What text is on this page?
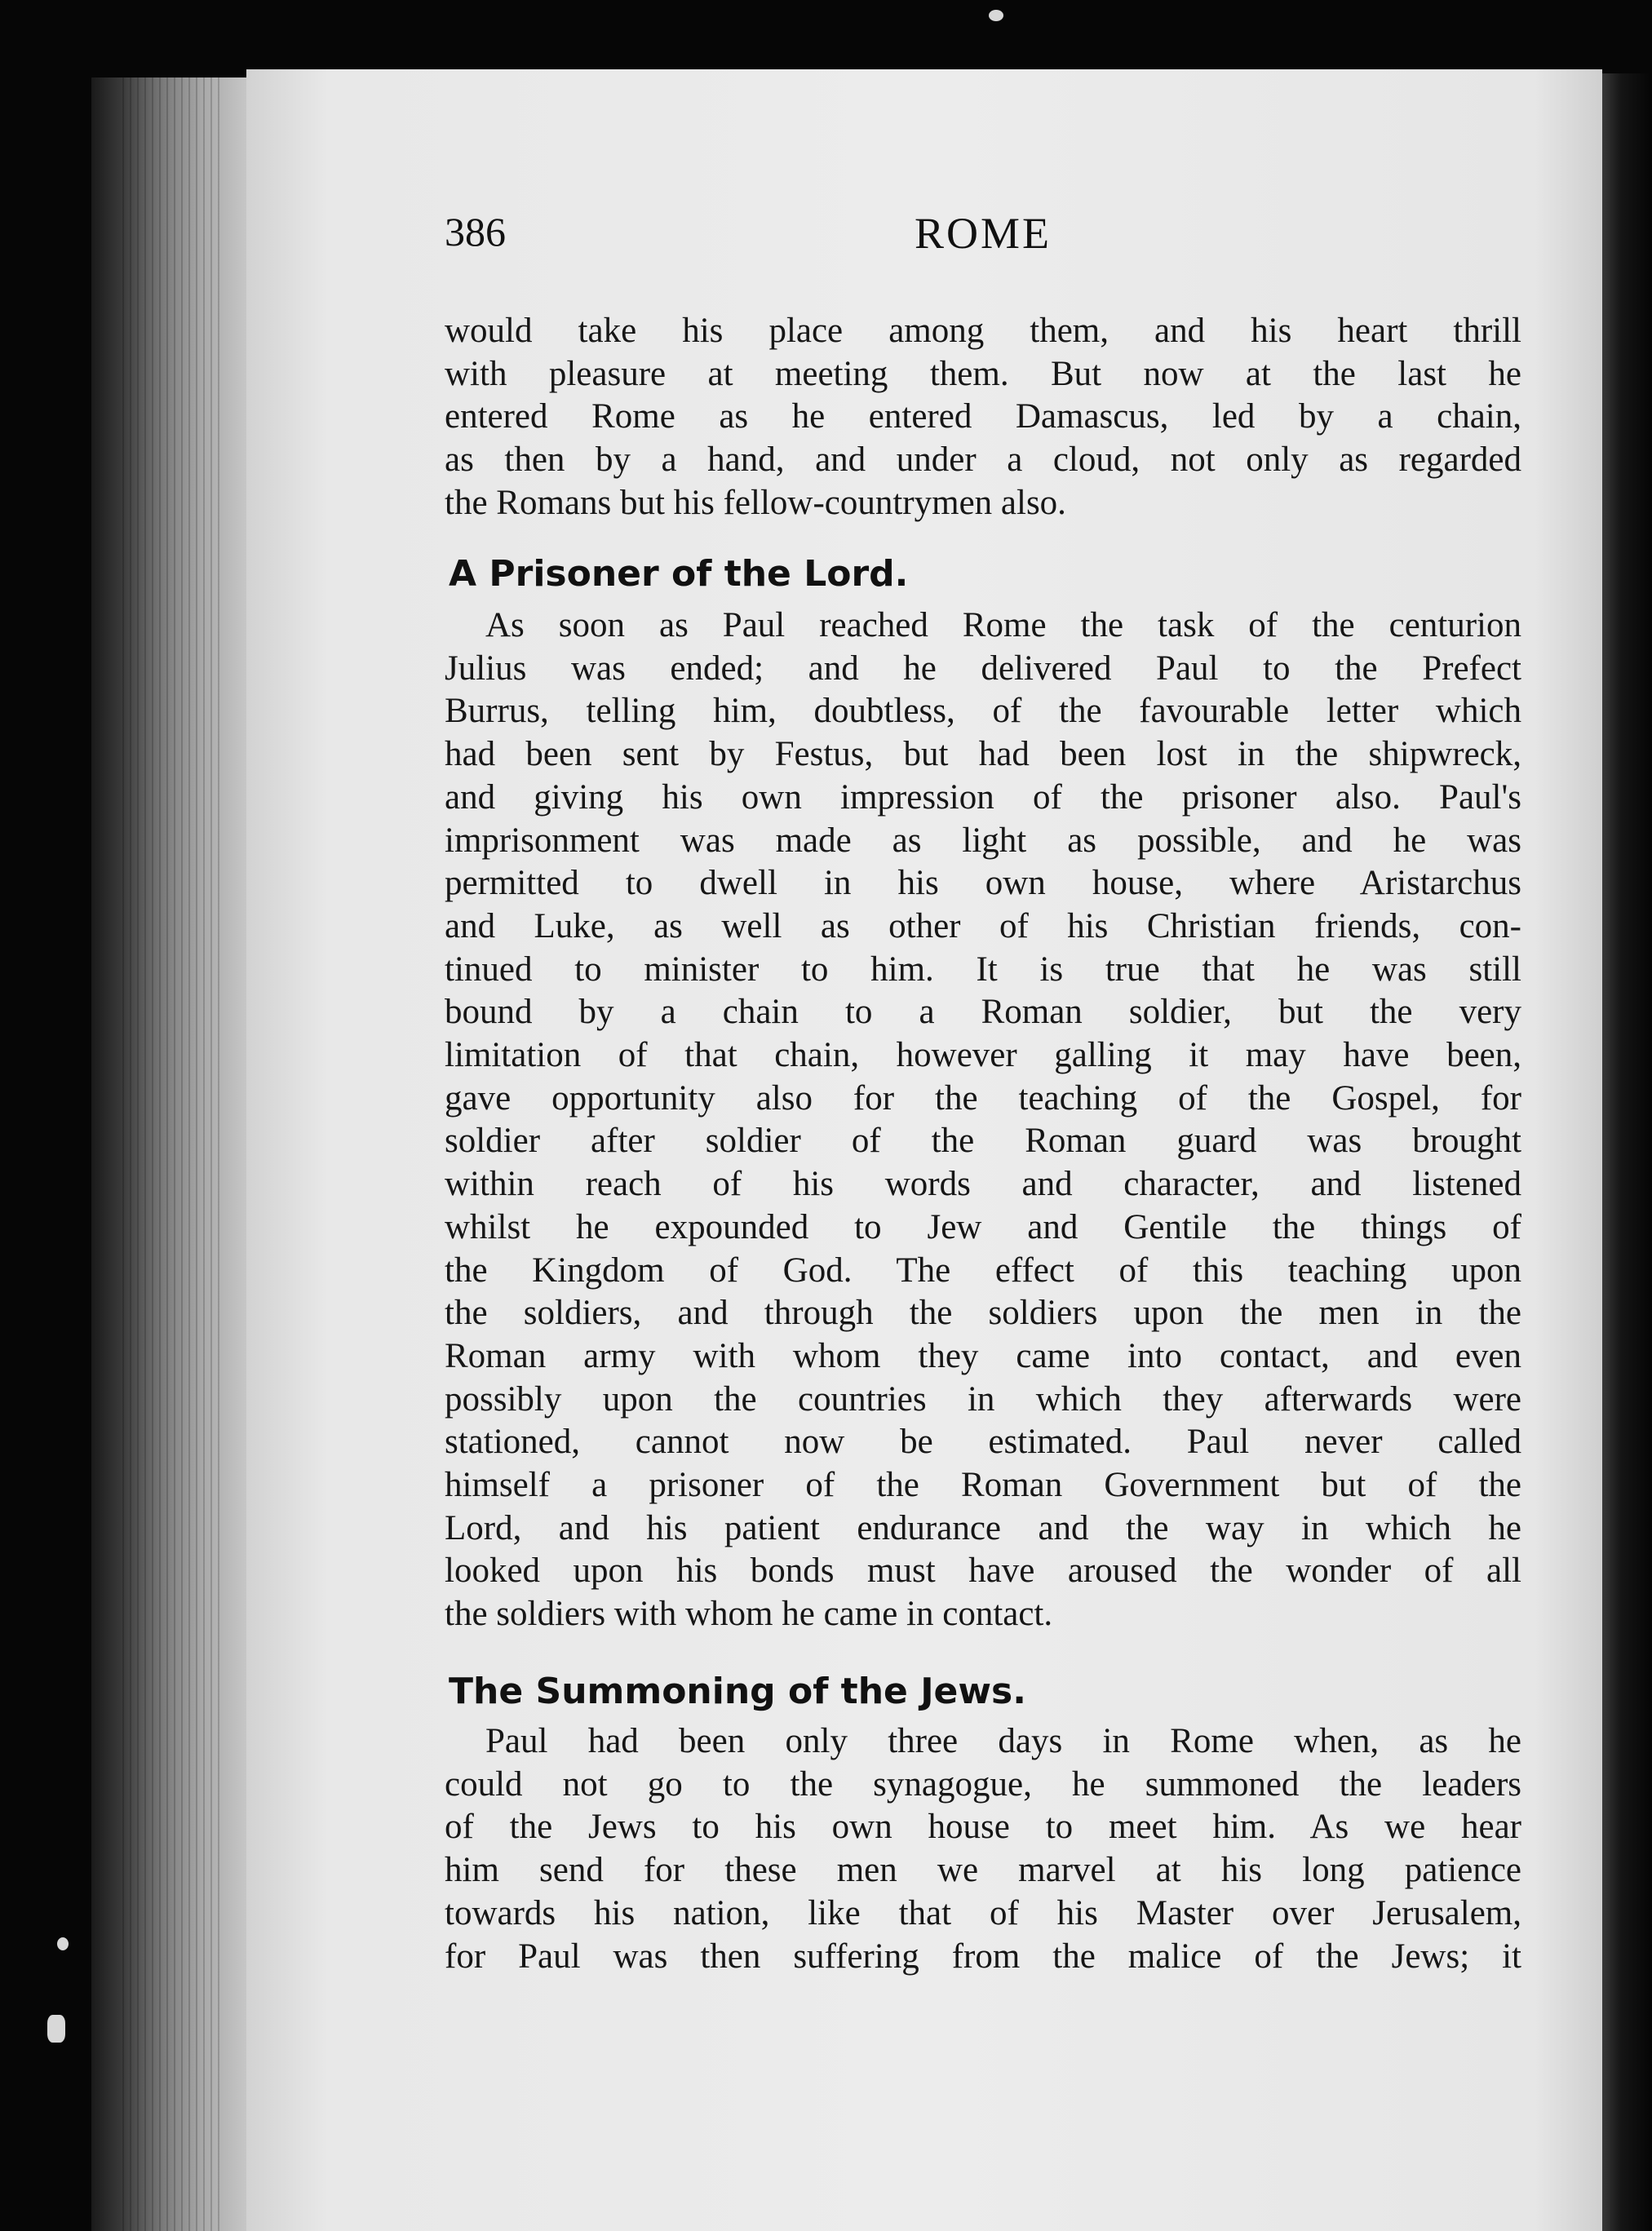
386	ROME
would take his place among them, and his heart thrill
with pleasure at meeting them. But now at the last he
entered Rome as he entered Damascus, led by a chain,
as then by a hand, and under a cloud, not only as regarded
the Romans but his fellow-countrymen also.
A Prisoner of the Lord.
As soon as Paul reached Rome the task of the centurion
Julius was ended; and he delivered Paul to the Prefect
Burrus, telling him, doubtless, of the favourable letter which
had been sent by Festus, but had been lost in the shipwreck,
and giving his own impression of the prisoner also. Paul's
imprisonment was made as light as possible, and he was
permitted to dwell in his own house, where Aristarchus
and Luke, as well as other of his Christian friends, con-
tinued to minister to him. It is true that he was still
bound by a chain to a Roman soldier, but the very
limitation of that chain, however galling it may have been,
gave opportunity also for the teaching of the Gospel, for
soldier after soldier of the Roman guard was brought
within reach of his words and character, and listened
whilst he expounded to Jew and Gentile the things of
the Kingdom of God. The effect of this teaching upon
the soldiers, and through the soldiers upon the men in the
Roman army with whom they came into contact, and even
possibly upon the countries in which they afterwards were
stationed, cannot now be estimated. Paul never called
himself a prisoner of the Roman Government but of the
Lord, and his patient endurance and the way in which he
looked upon his bonds must have aroused the wonder of all
the soldiers with whom he came in contact.
The Summoning of the Jews.
Paul had been only three days in Rome when, as he
could not go to the synagogue, he summoned the leaders
of the Jews to his own house to meet him. As we hear
him send for these men we marvel at his long patience
towards his nation, like that of his Master over Jerusalem,
for Paul was then suffering from the malice of the Jews; it
